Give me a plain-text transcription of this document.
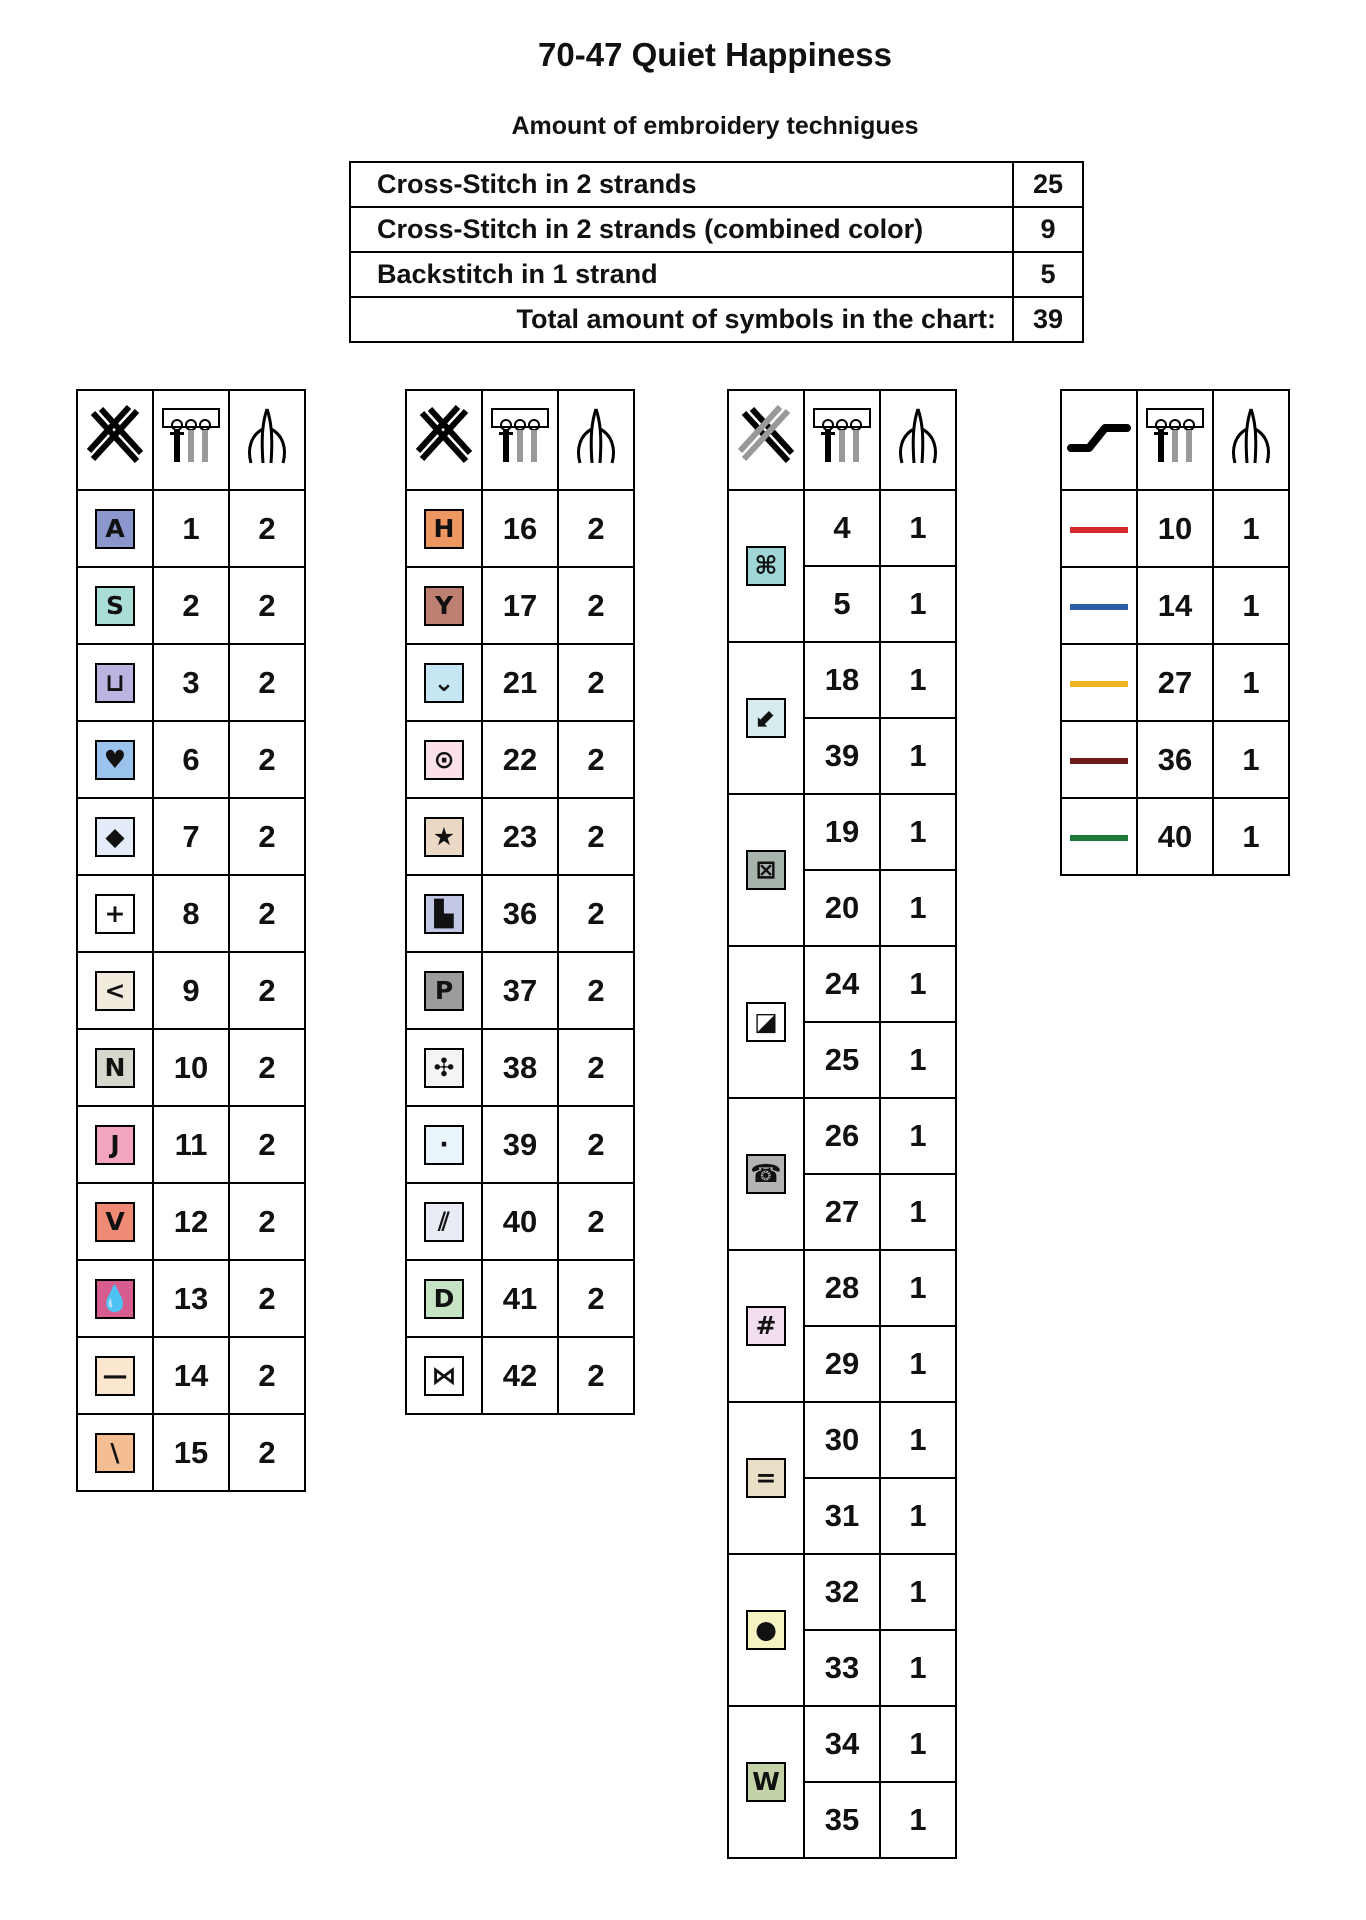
70-47 Quiet Happiness
Amount of embroidery technigues
Cross-Stitch in 2 strands	25
Cross-Stitch in 2 strands (combined color)	9
Backstitch in 1 strand	5
Total amount of symbols in the chart:	39

A	1	2
S	2	2
⊔	3	2
♥	6	2
◆	7	2
+	8	2
<	9	2
N	10	2
J	11	2
V	12	2
💧	13	2
—	14	2
\	15	2

H	16	2
Y	17	2
⌄	21	2
⊙	22	2
★	23	2
▙	36	2
P	37	2
✣	38	2
·	39	2
⫽	40	2
D	41	2
⋈	42	2

⌘	4	1
	5	1
⬋	18	1
	39	1
⊠	19	1
	20	1
◪	24	1
	25	1
☎	26	1
	27	1
#	28	1
	29	1
=	30	1
	31	1
●	32	1
	33	1
W	34	1
	35	1

	10	1
	14	1
	27	1
	36	1
	40	1
